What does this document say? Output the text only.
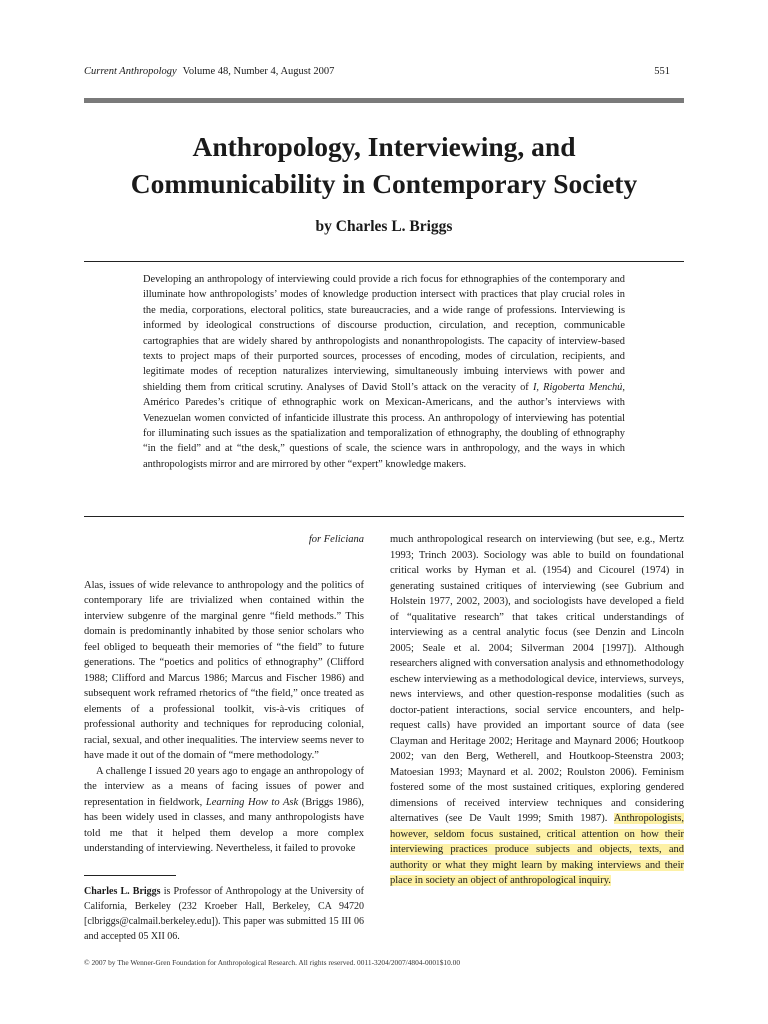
Current Anthropology Volume 48, Number 4, August 2007	551
Anthropology, Interviewing, and
Communicability in Contemporary Society
by Charles L. Briggs

Developing an anthropology of interviewing could provide a rich focus for ethnographies of the contemporary and illuminate how anthropologists’ modes of knowledge production intersect with practices that play crucial roles in the media, corporations, electoral politics, state bureaucracies, and a wide range of professions. Interviewing is informed by ideological constructions of discourse production, circulation, and reception, communicable cartographies that are widely shared by anthropologists and nonanthropologists. The capacity of interview-based texts to project maps of their purported sources, processes of encoding, modes of circulation, recipients, and legitimate modes of reception naturalizes interviewing, simultaneously imbuing interviews with power and shielding them from critical scrutiny. Analyses of David Stoll’s attack on the veracity of I, Rigoberta Menchú, Américo Paredes’s critique of ethnographic work on Mexican-Americans, and the author’s interviews with Venezuelan women convicted of infanticide illustrate this process. An anthropology of interviewing has potential for illuminating such issues as the spatialization and temporalization of ethnography, the doubling of ethnography “in the field” and at “the desk,” questions of scale, the science wars in anthropology, and the ways in which anthropologists mirror and are mirrored by other “expert” knowledge makers.

for Feliciana

Alas, issues of wide relevance to anthropology and the politics of contemporary life are trivialized when contained within the interview subgenre of the marginal genre “field methods.” This domain is predominantly inhabited by those senior scholars who feel obliged to bequeath their memories of “the field” to future generations. The “poetics and politics of ethnography” (Clifford 1988; Clifford and Marcus 1986; Marcus and Fischer 1986) and subsequent work reframed rhetorics of “the field,” once treated as elements of a professional toolkit, vis-à-vis critiques of professional authority and techniques for reproducing colonial, racial, sexual, and other inequalities. The interview seems never to have made it out of the domain of “mere methodology.”

A challenge I issued 20 years ago to engage an anthropology of the interview as a means of facing issues of power and representation in fieldwork, Learning How to Ask (Briggs 1986), has been widely used in classes, and many anthropologists have told me that it helped them develop a more complex understanding of interviewing. Nevertheless, it failed to provoke

much anthropological research on interviewing (but see, e.g., Mertz 1993; Trinch 2003). Sociology was able to build on foundational critical works by Hyman et al. (1954) and Cicourel (1974) in generating sustained critiques of interviewing (see Gubrium and Holstein 1977, 2002, 2003), and sociologists have developed a field of “qualitative research” that takes critical understandings of interviewing as a central analytic focus (see Denzin and Lincoln 2005; Seale et al. 2004; Silverman 2004 [1997]). Although researchers aligned with conversation analysis and ethnomethodology eschew interviewing as a methodological device, interviews, surveys, news interviews, and other question-response modalities (such as doctor-patient interactions, social service encounters, and help-request calls) have provided an important source of data (see Clayman and Heritage 2002; Heritage and Maynard 2006; Houtkoop 2002; van den Berg, Wetherell, and Houtkoop-Steenstra 2003; Matoesian 1993; Maynard et al. 2002; Roulston 2006). Feminism fostered some of the most sustained critiques, exploring gendered dimensions of received interview techniques and considering alternatives (see De Vault 1999; Smith 1987). Anthropologists, however, seldom focus sustained, critical attention on how their interviewing practices produce subjects and objects, texts, and authority or what they might learn by making interviews and their place in society an object of anthropological inquiry.

Charles L. Briggs is Professor of Anthropology at the University of California, Berkeley (232 Kroeber Hall, Berkeley, CA 94720 [clbriggs@calmail.berkeley.edu]). This paper was submitted 15 III 06 and accepted 05 XII 06.

© 2007 by The Wenner-Gren Foundation for Anthropological Research. All rights reserved. 0011-3204/2007/4804-0001$10.00
